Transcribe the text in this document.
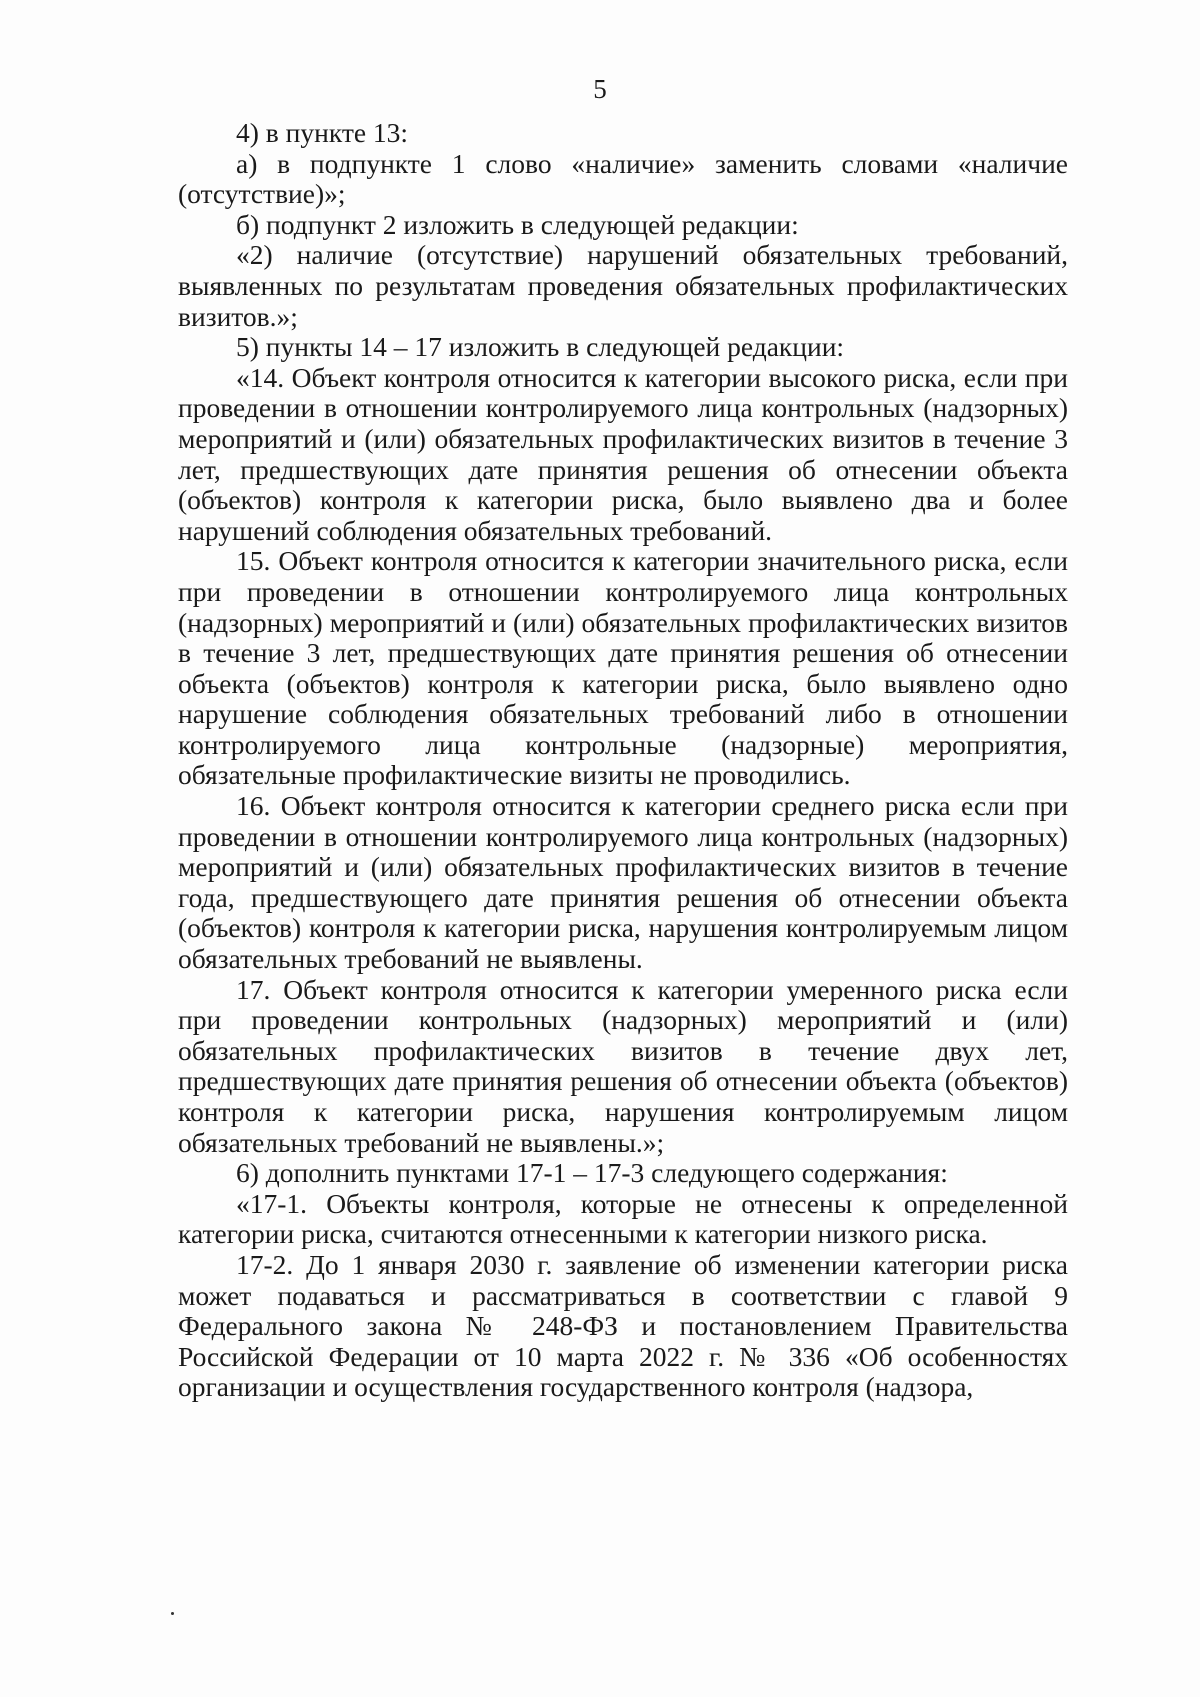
5

4) в пункте 13:

а) в подпункте 1 слово «наличие» заменить словами «наличие (отсутствие)»;

б) подпункт 2 изложить в следующей редакции:

«2) наличие (отсутствие) нарушений обязательных требований, выявленных по результатам проведения обязательных профилактических визитов.»;

5) пункты 14 – 17 изложить в следующей редакции:

«14. Объект контроля относится к категории высокого риска, если при проведении в отношении контролируемого лица контрольных (надзорных) мероприятий и (или) обязательных профилактических визитов в течение 3 лет, предшествующих дате принятия решения об отнесении объекта (объектов) контроля к категории риска, было выявлено два и более нарушений соблюдения обязательных требований.

15. Объект контроля относится к категории значительного риска, если при проведении в отношении контролируемого лица контрольных (надзорных) мероприятий и (или) обязательных профилактических визитов в течение 3 лет, предшествующих дате принятия решения об отнесении объекта (объектов) контроля к категории риска, было выявлено одно нарушение соблюдения обязательных требований либо в отношении контролируемого лица контрольные (надзорные) мероприятия, обязательные профилактические визиты не проводились.

16. Объект контроля относится к категории среднего риска если при проведении в отношении контролируемого лица контрольных (надзорных) мероприятий и (или) обязательных профилактических визитов в течение года, предшествующего дате принятия решения об отнесении объекта (объектов) контроля к категории риска, нарушения контролируемым лицом обязательных требований не выявлены.

17. Объект контроля относится к категории умеренного риска если при проведении контрольных (надзорных) мероприятий и (или) обязательных профилактических визитов в течение двух лет, предшествующих дате принятия решения об отнесении объекта (объектов) контроля к категории риска, нарушения контролируемым лицом обязательных требований не выявлены.»;

6) дополнить пунктами 17-1 – 17-3 следующего содержания:

«17-1. Объекты контроля, которые не отнесены к определенной категории риска, считаются отнесенными к категории низкого риска.

17-2. До 1 января 2030 г. заявление об изменении категории риска может подаваться и рассматриваться в соответствии с главой 9 Федерального закона № 248-ФЗ и постановлением Правительства Российской Федерации от 10 марта 2022 г. № 336 «Об особенностях организации и осуществления государственного контроля (надзора,
